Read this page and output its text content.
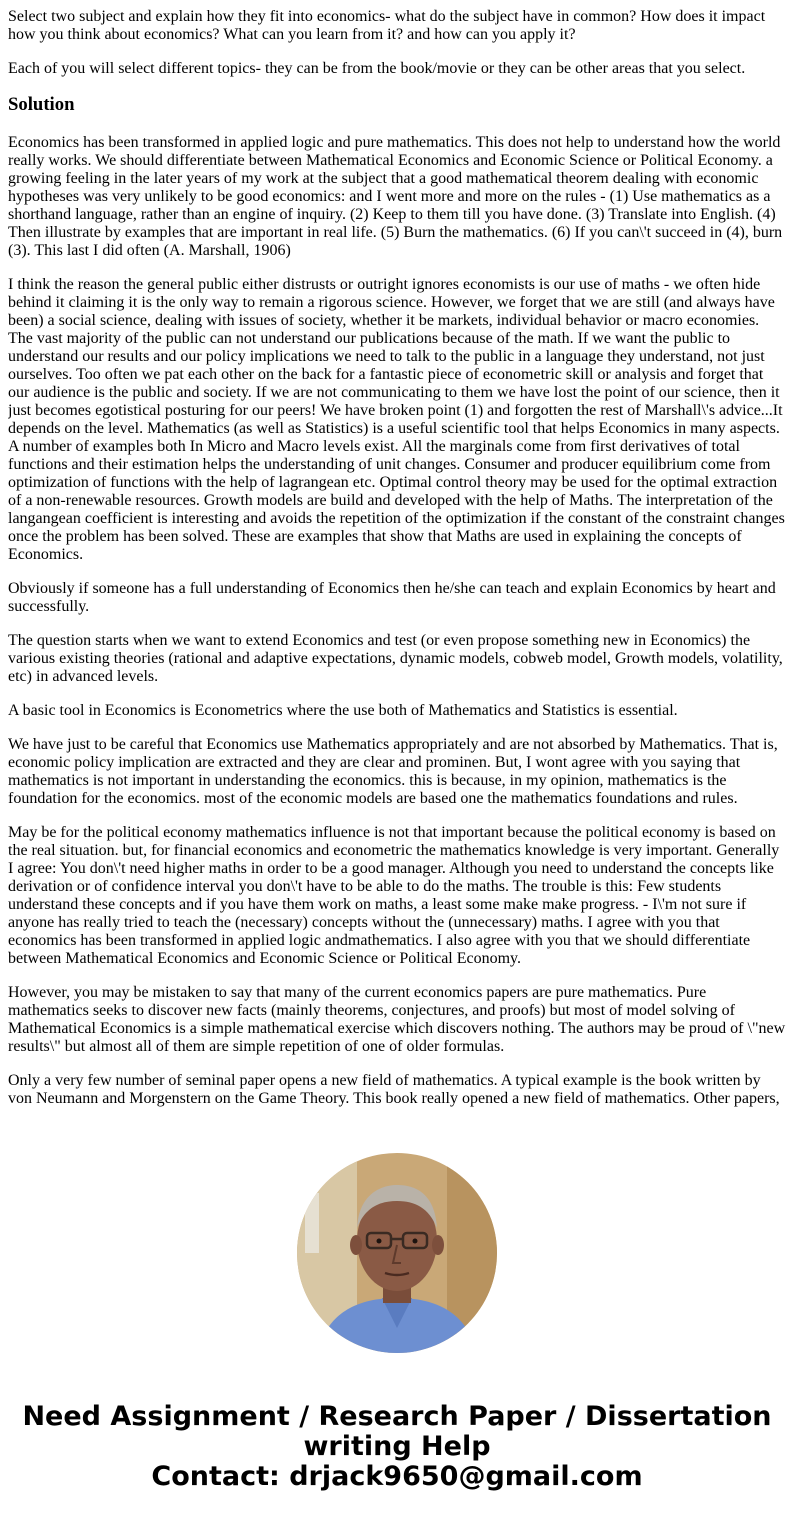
Select two subject and explain how they fit into economics- what do the subject have in common? How does it impact how you think about economics? What can you learn from it? and how can you apply it?

Each of you will select different topics- they can be from the book/movie or they can be other areas that you select.

Solution

Economics has been transformed in applied logic and pure mathematics. This does not help to understand how the world really works. We should differentiate between Mathematical Economics and Economic Science or Political Economy. a growing feeling in the later years of my work at the subject that a good mathematical theorem dealing with economic hypotheses was very unlikely to be good economics: and I went more and more on the rules - (1) Use mathematics as a shorthand language, rather than an engine of inquiry. (2) Keep to them till you have done. (3) Translate into English. (4) Then illustrate by examples that are important in real life. (5) Burn the mathematics. (6) If you can\'t succeed in (4), burn (3). This last I did often (A. Marshall, 1906)

I think the reason the general public either distrusts or outright ignores economists is our use of maths - we often hide behind it claiming it is the only way to remain a rigorous science. However, we forget that we are still (and always have been) a social science, dealing with issues of society, whether it be markets, individual behavior or macro economies. The vast majority of the public can not understand our publications because of the math. If we want the public to understand our results and our policy implications we need to talk to the public in a language they understand, not just ourselves. Too often we pat each other on the back for a fantastic piece of econometric skill or analysis and forget that our audience is the public and society. If we are not communicating to them we have lost the point of our science, then it just becomes egotistical posturing for our peers! We have broken point (1) and forgotten the rest of Marshall\'s advice...It depends on the level. Mathematics (as well as Statistics) is a useful scientific tool that helps Economics in many aspects. A number of examples both In Micro and Macro levels exist. All the marginals come from first derivatives of total functions and their estimation helps the understanding of unit changes. Consumer and producer equilibrium come from optimization of functions with the help of lagrangean etc. Optimal control theory may be used for the optimal extraction of a non-renewable resources. Growth models are build and developed with the help of Maths. The interpretation of the langangean coefficient is interesting and avoids the repetition of the optimization if the constant of the constraint changes once the problem has been solved. These are examples that show that Maths are used in explaining the concepts of Economics.

Obviously if someone has a full understanding of Economics then he/she can teach and explain Economics by heart and successfully.

The question starts when we want to extend Economics and test (or even propose something new in Economics) the various existing theories (rational and adaptive expectations, dynamic models, cobweb model, Growth models, volatility, etc) in advanced levels.

A basic tool in Economics is Econometrics where the use both of Mathematics and Statistics is essential.

We have just to be careful that Economics use Mathematics appropriately and are not absorbed by Mathematics. That is, economic policy implication are extracted and they are clear and prominen. But, I wont agree with you saying that mathematics is not important in understanding the economics. this is because, in my opinion, mathematics is the foundation for the economics. most of the economic models are based one the mathematics foundations and rules.

May be for the political economy mathematics influence is not that important because the political economy is based on the real situation. but, for financial economics and econometric the mathematics knowledge is very important. Generally I agree: You don\'t need higher maths in order to be a good manager. Although you need to understand the concepts like derivation or of confidence interval you don\'t have to be able to do the maths. The trouble is this: Few students understand these concepts and if you have them work on maths, a least some make make progress. - I\'m not sure if anyone has really tried to teach the (necessary) concepts without the (unnecessary) maths. I agree with you that economics has been transformed in applied logic andmathematics. I also agree with you that we should differentiate between Mathematical Economics and Economic Science or Political Economy.

However, you may be mistaken to say that many of the current economics papers are pure mathematics. Pure mathematics seeks to discover new facts (mainly theorems, conjectures, and proofs) but most of model solving of Mathematical Economics is a simple mathematical exercise which discovers nothing. The authors may be proud of \"new results\" but almost all of them are simple repetition of one of older formulas.

Only a very few number of seminal paper opens a new field of mathematics. A typical example is the book written by von Neumann and Morgenstern on the Game Theory. This book really opened a new field of mathematics. Other papers,

Need Assignment / Research Paper / Dissertation
writing Help
Contact: drjack9650@gmail.com
